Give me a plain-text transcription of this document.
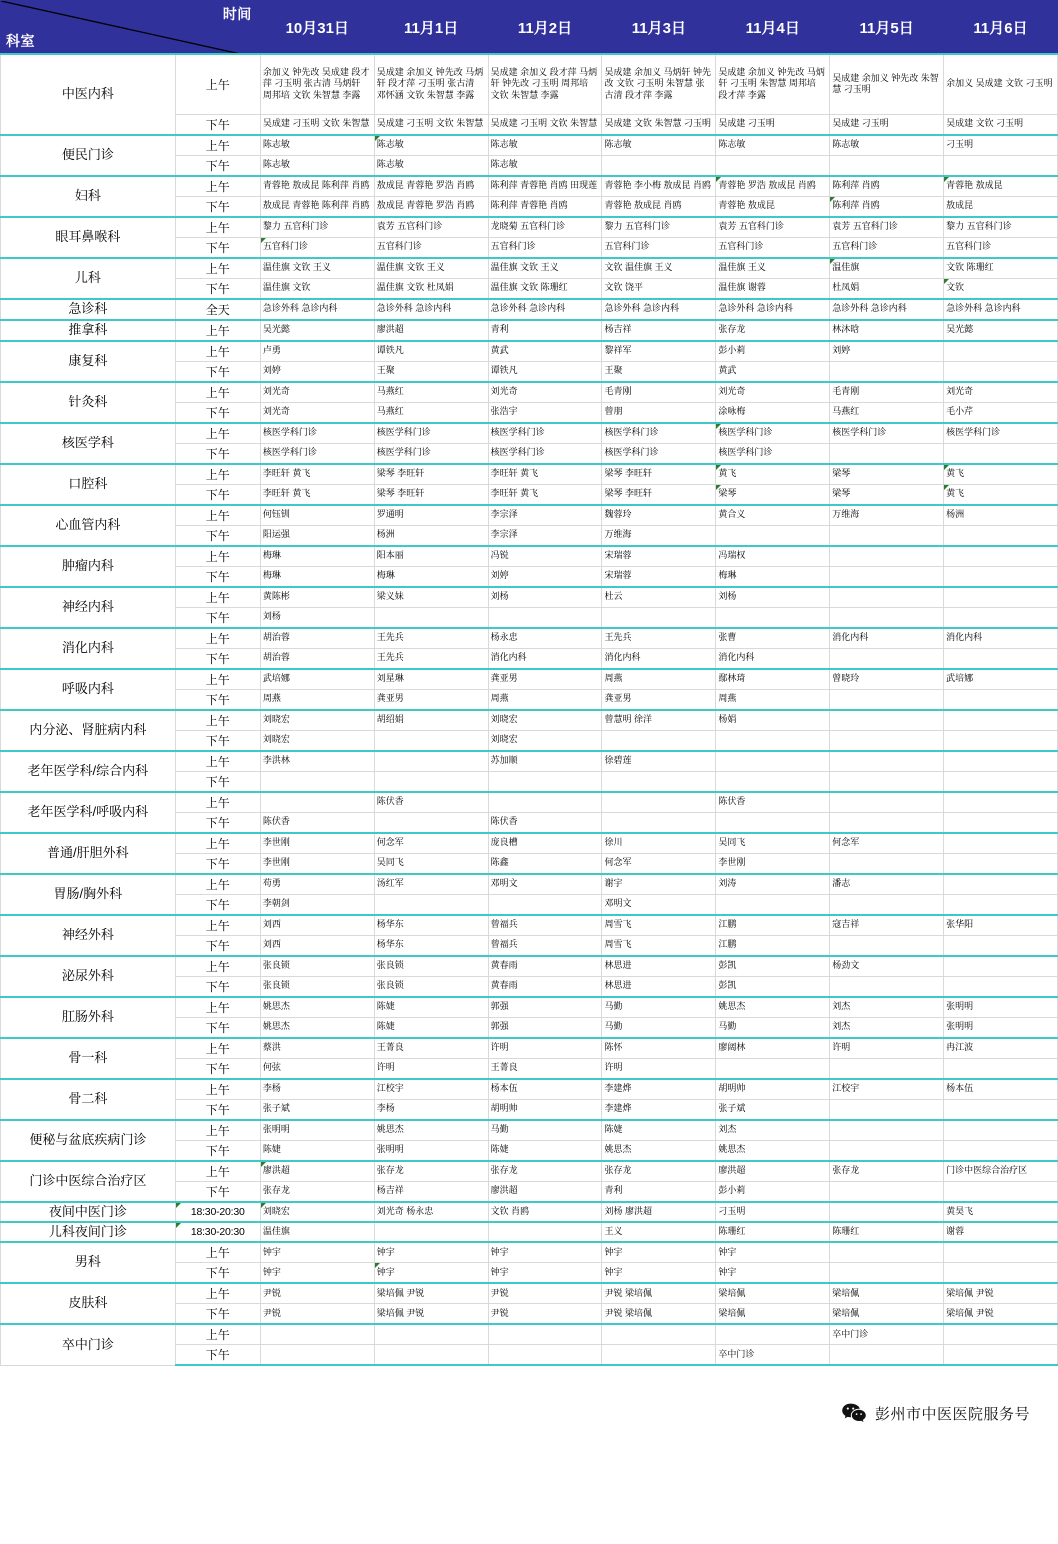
时间
科室		10月31日	11月1日	11月2日	11月3日	11月4日	11月5日	11月6日
中医内科	上午	余加义 钟先改 吴成建 段才萍 刁玉明 张古清 马炳轩 周邦培 文钦 朱智慧 李露	吴成建 余加义 钟先改 马炳轩 段才萍 刁玉明 张古清 邓怀涵 文钦 朱智慧 李露	吴成建 余加义 段才萍 马炳轩 钟先改 刁玉明 周邦培 文钦 朱智慧 李露	吴成建 余加义 马炳轩 钟先改 文钦 刁玉明 朱智慧 张古清 段才萍 李露	吴成建 余加义 钟先改 马炳轩 刁玉明 朱智慧 周邦培 段才萍 李露	吴成建 余加义 钟先改 朱智慧 刁玉明	余加义 吴成建 文钦 刁玉明
	下午	吴成建 刁玉明 文钦 朱智慧	吴成建 刁玉明 文钦 朱智慧	吴成建 刁玉明 文钦 朱智慧	吴成建 文钦 朱智慧 刁玉明	吴成建 刁玉明	吴成建 刁玉明	吴成建 文钦 刁玉明
便民门诊	上午	陈志敏	陈志敏	陈志敏	陈志敏	陈志敏	陈志敏	刁玉明
	下午	陈志敏	陈志敏	陈志敏				
妇科	上午	青蓉艳 敖成昆 陈利萍 肖鸥	敖成昆 青蓉艳 罗浩 肖鸥	陈利萍 青蓉艳 肖鸥 田现莲	青蓉艳 李小梅 敖成昆 肖鸥	青蓉艳 罗浩 敖成昆 肖鸥	陈利萍 肖鸥	青蓉艳 敖成昆
	下午	敖成昆 青蓉艳 陈利萍 肖鸥	敖成昆 青蓉艳 罗浩 肖鸥	陈利萍 青蓉艳 肖鸥	青蓉艳 敖成昆 肖鸥	青蓉艳 敖成昆	陈利萍 肖鸥	敖成昆
眼耳鼻喉科	上午	黎力 五官科门诊	袁芳 五官科门诊	龙晓菊 五官科门诊	黎力 五官科门诊	袁芳 五官科门诊	袁芳 五官科门诊	黎力 五官科门诊
	下午	五官科门诊	五官科门诊	五官科门诊	五官科门诊	五官科门诊	五官科门诊	五官科门诊
儿科	上午	温佳旗 文钦 王义	温佳旗 文钦 王义	温佳旗 文钦 王义	文钦 温佳旗 王义	温佳旗 王义	温佳旗	文钦 陈珊红
	下午	温佳旗 文钦	温佳旗 文钦 杜凤娟	温佳旗 文钦 陈珊红	文钦 饶平	温佳旗 谢蓉	杜凤娟	文钦
急诊科	全天	急诊外科 急诊内科	急诊外科 急诊内科	急诊外科 急诊内科	急诊外科 急诊内科	急诊外科 急诊内科	急诊外科 急诊内科	急诊外科 急诊内科
推拿科	上午	吴光懿	廖洪超	青利	杨吉祥	张存龙	林沐晗	吴光懿
康复科	上午	卢勇	谭铁凡	黄武	黎祥军	彭小莉	刘婷	
	下午	刘婷	王聚	谭铁凡	王聚	黄武		
针灸科	上午	刘光奇	马燕红	刘光奇	毛青刚	刘光奇	毛青刚	刘光奇
	下午	刘光奇	马燕红	张浩宇	曾朋	涂咏梅	马燕红	毛小芹
核医学科	上午	核医学科门诊	核医学科门诊	核医学科门诊	核医学科门诊	核医学科门诊	核医学科门诊	核医学科门诊
	下午	核医学科门诊	核医学科门诊	核医学科门诊	核医学科门诊	核医学科门诊		
口腔科	上午	李旺轩 黄飞	梁琴 李旺轩	李旺轩 黄飞	梁琴 李旺轩	黄飞	梁琴	黄飞
	下午	李旺轩 黄飞	梁琴 李旺轩	李旺轩 黄飞	梁琴 李旺轩	梁琴	梁琴	黄飞
心血管内科	上午	何钰钏	罗通明	李宗泽	魏蓉玲	黄合义	万维海	杨洲
	下午	阳运强	杨洲	李宗泽	万维海			
肿瘤内科	上午	梅琳	阳本丽	冯锐	宋瑞蓉	冯瑞权		
	下午	梅琳	梅琳	刘婷	宋瑞蓉	梅琳		
神经内科	上午	黄陈彬	梁义妹	刘杨	杜云	刘杨		
	下午	刘杨						
消化内科	上午	胡治蓉	王先兵	杨永忠	王先兵	张曹	消化内科	消化内科
	下午	胡治蓉	王先兵	消化内科	消化内科	消化内科		
呼吸内科	上午	武培娜	刘星琳	龚亚男	周燕	鄢林琦	曾晓玲	武培娜
	下午	周燕	龚亚男	周燕	龚亚男	周燕		
内分泌、肾脏病内科	上午	刘晓宏	胡绍娟	刘晓宏	曾慧明 徐洋	杨娟		
	下午	刘晓宏		刘晓宏				
老年医学科/综合内科	上午	李洪林		苏加顺	徐碧莲			
	下午							
老年医学科/呼吸内科	上午		陈伏香			陈伏香		
	下午	陈伏香		陈伏香				
普通/肝胆外科	上午	李世刚	何念军	庞良槽	徐川	吴同飞	何念军	
	下午	李世刚	吴同飞	陈鑫	何念军	李世刚		
胃肠/胸外科	上午	苟勇	汤红军	邓明文	谢宇	刘涛	潘志	
	下午	李朝剑			邓明文			
神经外科	上午	刘西	杨华东	曾福兵	周雪飞	江鹏	寇吉祥	张华阳
	下午	刘西	杨华东	曾福兵	周雪飞	江鹏		
泌尿外科	上午	张良锁	张良锁	黄春雨	林思进	彭凯	杨劲文	
	下午	张良锁	张良锁	黄春雨	林思进	彭凯		
肛肠外科	上午	姚思杰	陈婕	郭强	马勤	姚思杰	刘杰	张明明
	下午	姚思杰	陈婕	郭强	马勤	马勤	刘杰	张明明
骨一科	上午	蔡洪	王菁良	许明	陈怀	廖阔林	许明	冉江波
	下午	何弦	许明	王菁良	许明			
骨二科	上午	李杨	江校宇	杨本伍	李建烨	胡明帅	江校宇	杨本伍
	下午	张子斌	李杨	胡明帅	李建烨	张子斌		
便秘与盆底疾病门诊	上午	张明明	姚思杰	马勤	陈婕	刘杰		
	下午	陈婕	张明明	陈婕	姚思杰	姚思杰		
门诊中医综合治疗区	上午	廖洪超	张存龙	张存龙	张存龙	廖洪超	张存龙	门诊中医综合治疗区
	下午	张存龙	杨吉祥	廖洪超	青利	彭小莉		
夜间中医门诊	18:30-20:30	刘晓宏	刘光奇 杨永忠	文钦 肖鸥	刘杨 廖洪超	刁玉明		黄昊飞
儿科夜间门诊	18:30-20:30	温佳旗			王义	陈珊红	陈珊红	谢蓉
男科	上午	钟宇	钟宇	钟宇	钟宇	钟宇		
	下午	钟宇	钟宇	钟宇	钟宇	钟宇		
皮肤科	上午	尹锐	梁培佩 尹锐	尹锐	尹锐 梁培佩	梁培佩	梁培佩	梁培佩 尹锐
	下午	尹锐	梁培佩 尹锐	尹锐	尹锐 梁培佩	梁培佩	梁培佩	梁培佩 尹锐
卒中门诊	上午						卒中门诊	
	下午					卒中门诊		
彭州市中医医院服务号
